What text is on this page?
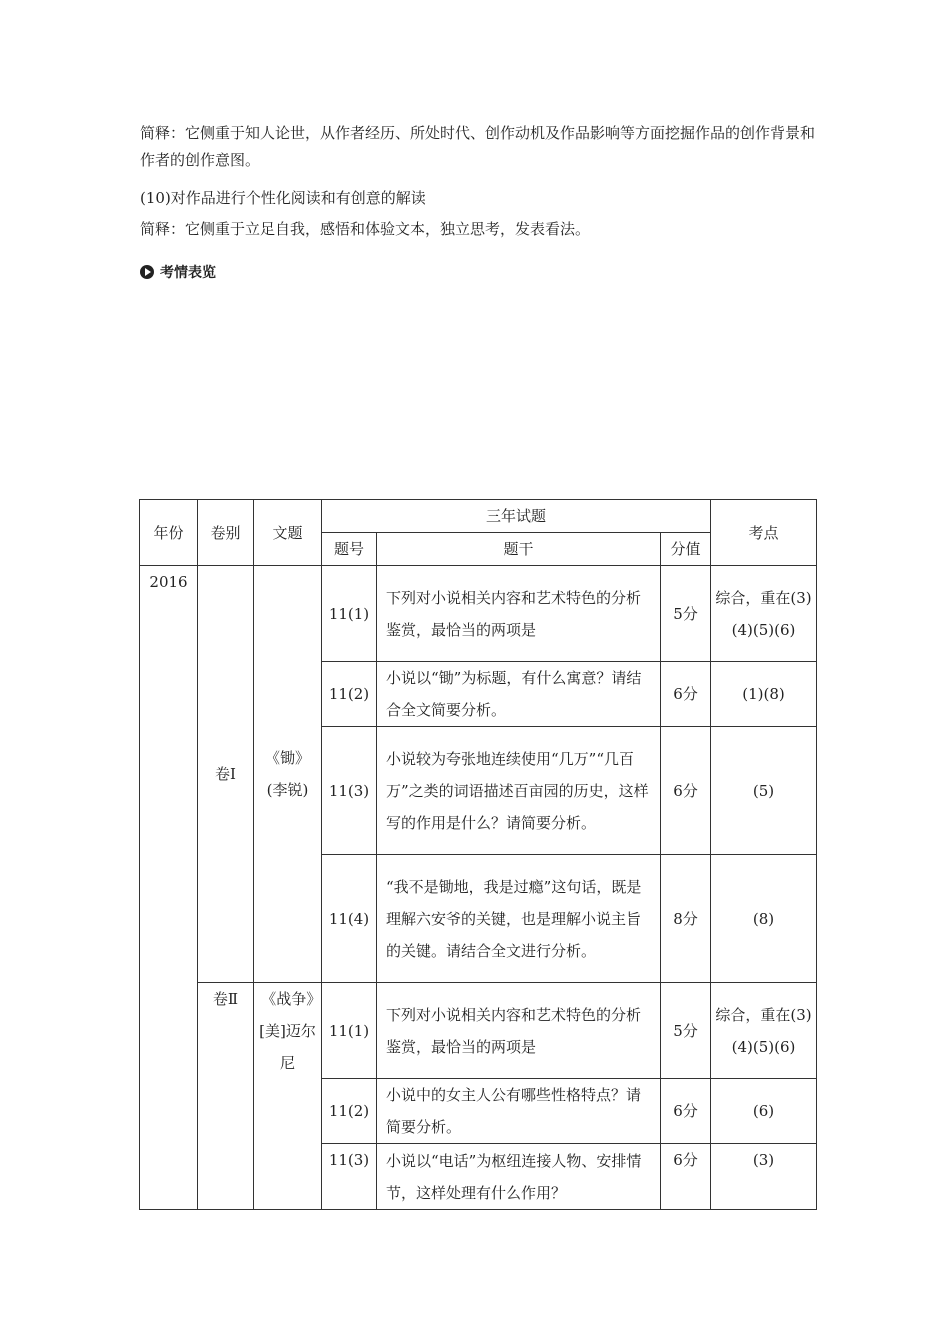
简释：它侧重于知人论世，从作者经历、所处时代、创作动机及作品影响等方面挖掘作品的创作背景和作者的创作意图。

(10)对作品进行个性化阅读和有创意的解读

简释：它侧重于立足自我，感悟和体验文本，独立思考，发表看法。

考情表览
年份	卷别	文题	三年试题			考点
			题号	题干	分值	
2016	卷Ⅰ	《锄》(李锐)	11(1)	下列对小说相关内容和艺术特色的分析鉴赏，最恰当的两项是	5分	综合，重在(3)(4)(5)(6)
			11(2)	小说以“锄”为标题，有什么寓意？请结合全文简要分析。	6分	(1)(8)
			11(3)	小说较为夸张地连续使用“几万”“几百万”之类的词语描述百亩园的历史，这样写的作用是什么？请简要分析。	6分	(5)
			11(4)	“我不是锄地，我是过瘾”这句话，既是理解六安爷的关键，也是理解小说主旨的关键。请结合全文进行分析。	8分	(8)
	卷Ⅱ	《战争》[美]迈尔尼	11(1)	下列对小说相关内容和艺术特色的分析鉴赏，最恰当的两项是	5分	综合，重在(3)(4)(5)(6)
			11(2)	小说中的女主人公有哪些性格特点？请简要分析。	6分	(6)
			11(3)	小说以“电话”为枢纽连接人物、安排情节，这样处理有什么作用？	6分	(3)
